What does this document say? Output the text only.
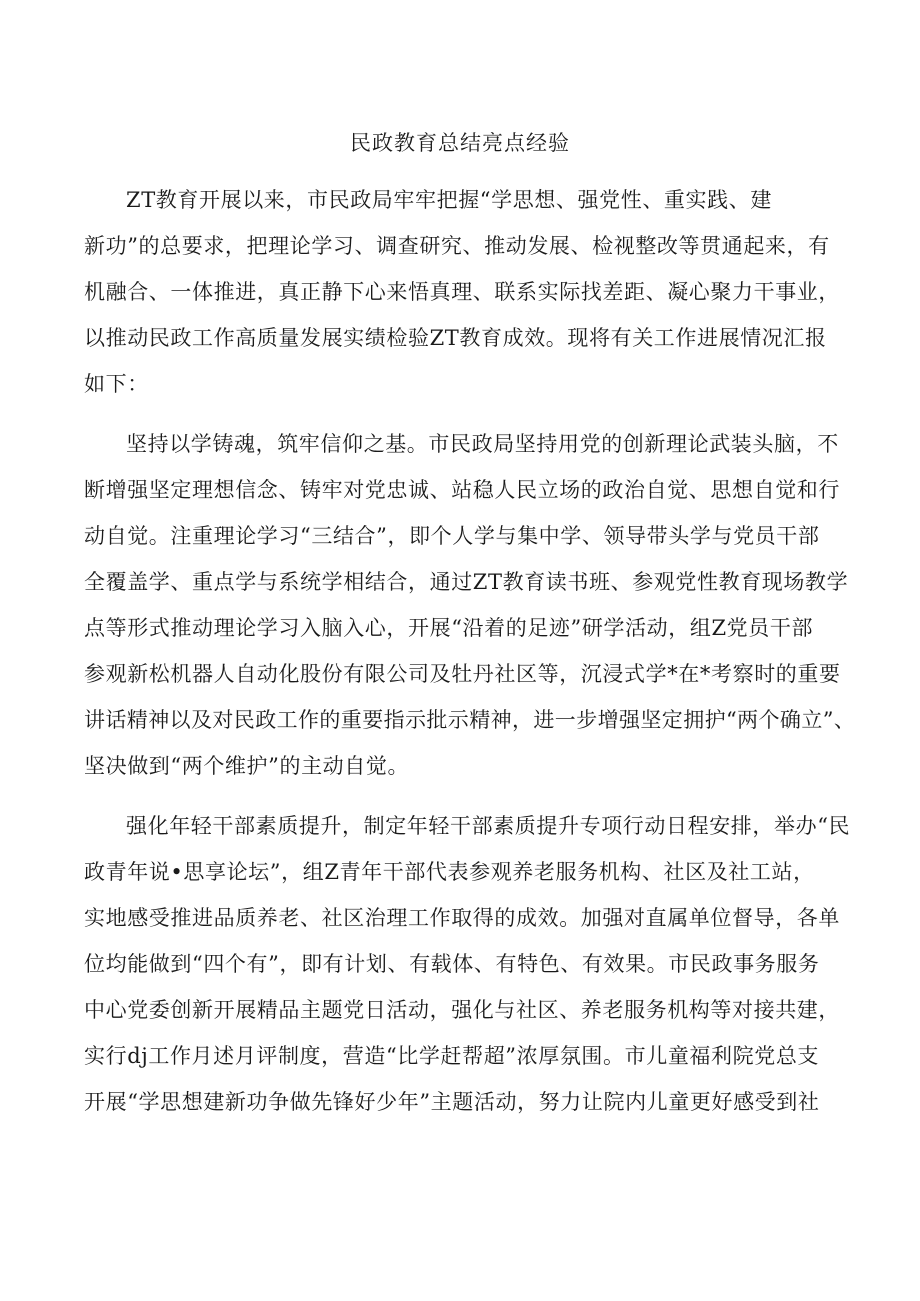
民政教育总结亮点经验
ZT教育开展以来，市民政局牢牢把握“学思想、强党性、重实践、建
新功”的总要求，把理论学习、调查研究、推动发展、检视整改等贯通起来，有
机融合、一体推进，真正静下心来悟真理、联系实际找差距、凝心聚力干事业，
以推动民政工作高质量发展实绩检验ZT教育成效。现将有关工作进展情况汇报
如下：
坚持以学铸魂，筑牢信仰之基。市民政局坚持用党的创新理论武装头脑，不
断增强坚定理想信念、铸牢对党忠诚、站稳人民立场的政治自觉、思想自觉和行
动自觉。注重理论学习“三结合”，即个人学与集中学、领导带头学与党员干部
全覆盖学、重点学与系统学相结合，通过ZT教育读书班、参观党性教育现场教学
点等形式推动理论学习入脑入心，开展“沿着的足迹”研学活动，组Z党员干部
参观新松机器人自动化股份有限公司及牡丹社区等，沉浸式学*在*考察时的重要
讲话精神以及对民政工作的重要指示批示精神，进一步增强坚定拥护“两个确立”、
坚决做到“两个维护”的主动自觉。
强化年轻干部素质提升，制定年轻干部素质提升专项行动日程安排，举办“民
政青年说•思享论坛”，组Z青年干部代表参观养老服务机构、社区及社工站，
实地感受推进品质养老、社区治理工作取得的成效。加强对直属单位督导，各单
位均能做到“四个有”，即有计划、有载体、有特色、有效果。市民政事务服务
中心党委创新开展精品主题党日活动，强化与社区、养老服务机构等对接共建，
实行dj工作月述月评制度，营造“比学赶帮超”浓厚氛围。市儿童福利院党总支
开展“学思想建新功争做先锋好少年”主题活动，努力让院内儿童更好感受到社
